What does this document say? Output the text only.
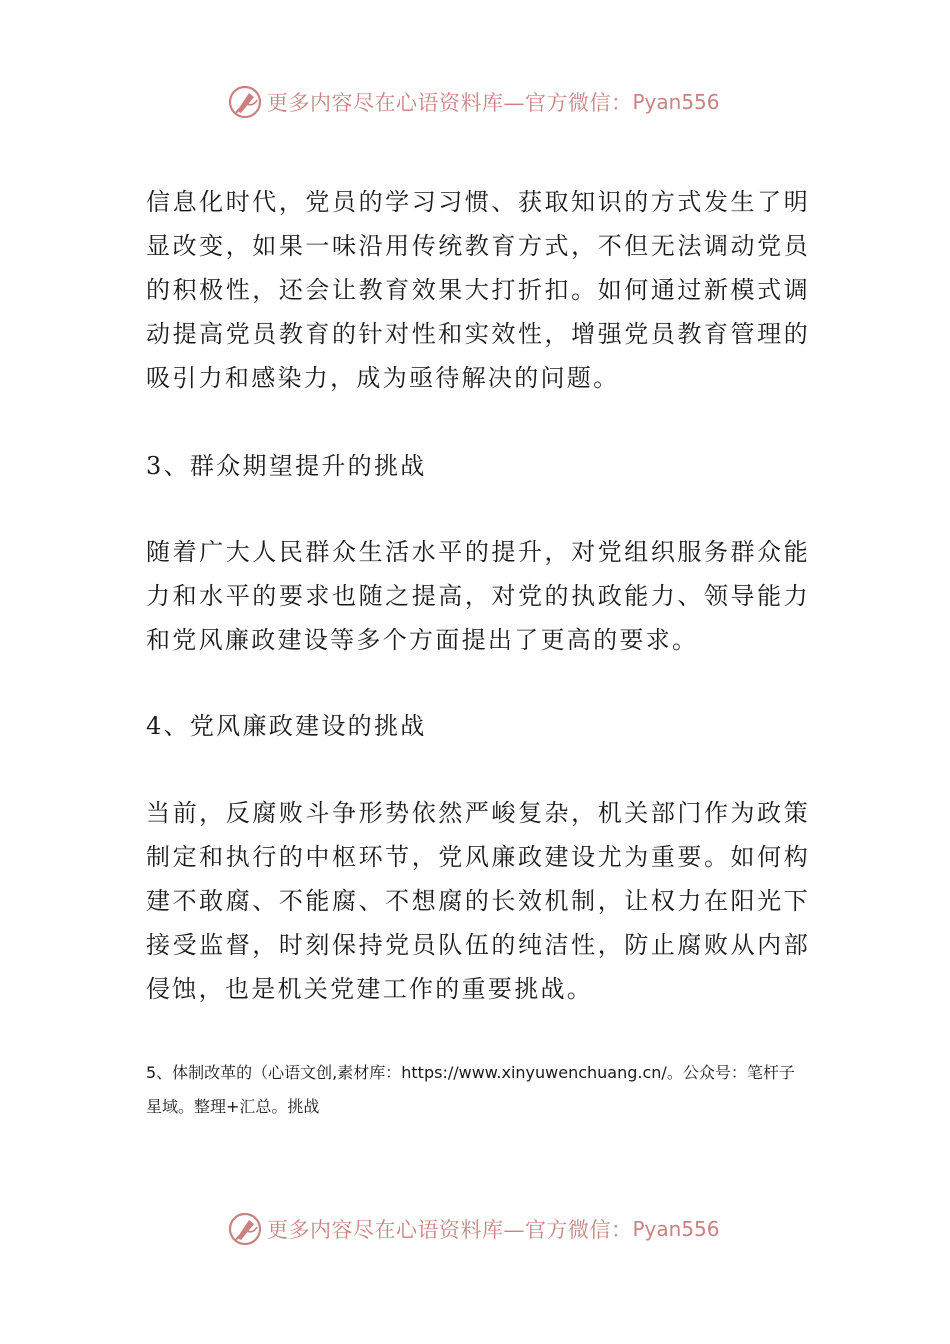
更多内容尽在心语资料库—官方微信： Pyan556

信息化时代，党员的学习习惯、获取知识的方式发生了明显改变，如果一味沿用传统教育方式，不但无法调动党员的积极性，还会让教育效果大打折扣。如何通过新模式调动提高党员教育的针对性和实效性，增强党员教育管理的吸引力和感染力，成为亟待解决的问题。

3、群众期望提升的挑战

随着广大人民群众生活水平的提升，对党组织服务群众能力和水平的要求也随之提高，对党的执政能力、领导能力和党风廉政建设等多个方面提出了更高的要求。

4、党风廉政建设的挑战

当前，反腐败斗争形势依然严峻复杂，机关部门作为政策制定和执行的中枢环节，党风廉政建设尤为重要。如何构建不敢腐、不能腐、不想腐的长效机制，让权力在阳光下接受监督，时刻保持党员队伍的纯洁性，防止腐败从内部侵蚀，也是机关党建工作的重要挑战。

5、体制改革的（心语文创,素材库：https://www.xinyuwenchuang.cn/。公众号：笔杆子星域。整理+汇总。挑战

更多内容尽在心语资料库—官方微信： Pyan556
